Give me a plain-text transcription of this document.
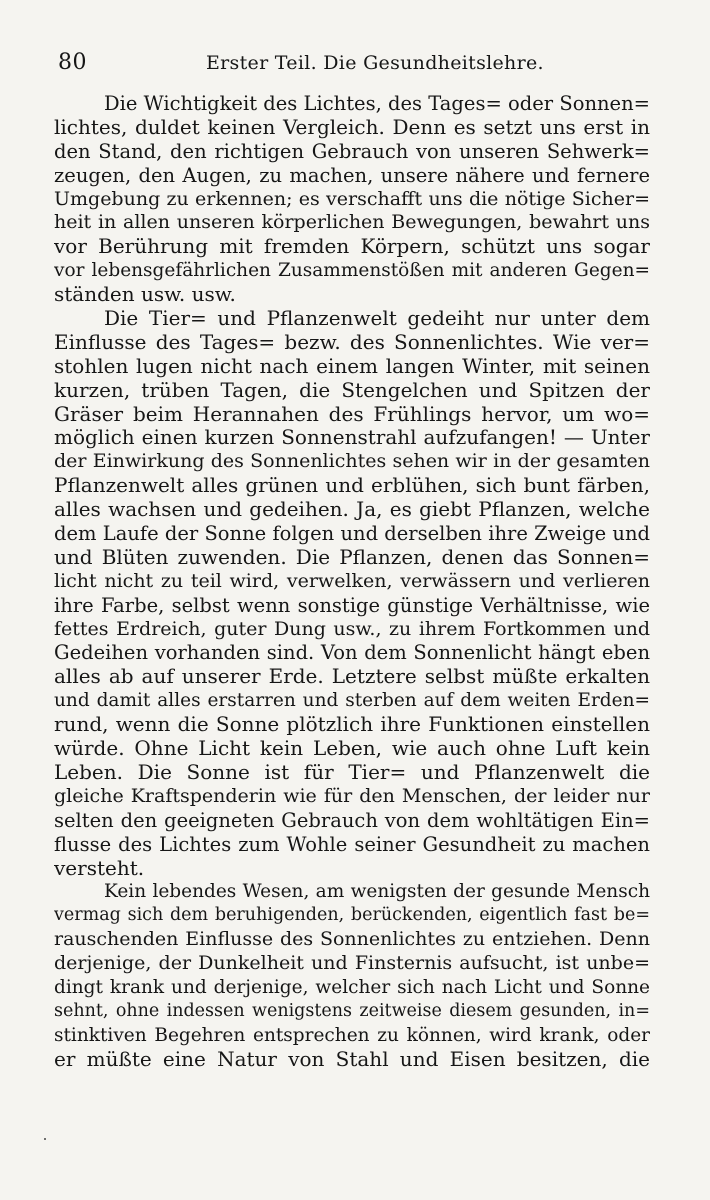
80	Erster Teil. Die Gesundheitslehre.
Die Wichtigkeit des Lichtes, des Tages= oder Sonnen=
lichtes, duldet keinen Vergleich. Denn es setzt uns erst in
den Stand, den richtigen Gebrauch von unseren Sehwerk=
zeugen, den Augen, zu machen, unsere nähere und fernere
Umgebung zu erkennen; es verschafft uns die nötige Sicher=
heit in allen unseren körperlichen Bewegungen, bewahrt uns
vor Berührung mit fremden Körpern, schützt uns sogar
vor lebensgefährlichen Zusammenstößen mit anderen Gegen=
ständen usw. usw.
Die Tier= und Pflanzenwelt gedeiht nur unter dem
Einflusse des Tages= bezw. des Sonnenlichtes. Wie ver=
stohlen lugen nicht nach einem langen Winter, mit seinen
kurzen, trüben Tagen, die Stengelchen und Spitzen der
Gräser beim Herannahen des Frühlings hervor, um wo=
möglich einen kurzen Sonnenstrahl aufzufangen! — Unter
der Einwirkung des Sonnenlichtes sehen wir in der gesamten
Pflanzenwelt alles grünen und erblühen, sich bunt färben,
alles wachsen und gedeihen. Ja, es giebt Pflanzen, welche
dem Laufe der Sonne folgen und derselben ihre Zweige und
und Blüten zuwenden. Die Pflanzen, denen das Sonnen=
licht nicht zu teil wird, verwelken, verwässern und verlieren
ihre Farbe, selbst wenn sonstige günstige Verhältnisse, wie
fettes Erdreich, guter Dung usw., zu ihrem Fortkommen und
Gedeihen vorhanden sind. Von dem Sonnenlicht hängt eben
alles ab auf unserer Erde. Letztere selbst müßte erkalten
und damit alles erstarren und sterben auf dem weiten Erden=
rund, wenn die Sonne plötzlich ihre Funktionen einstellen
würde. Ohne Licht kein Leben, wie auch ohne Luft kein
Leben. Die Sonne ist für Tier= und Pflanzenwelt die
gleiche Kraftspenderin wie für den Menschen, der leider nur
selten den geeigneten Gebrauch von dem wohltätigen Ein=
flusse des Lichtes zum Wohle seiner Gesundheit zu machen
versteht.
Kein lebendes Wesen, am wenigsten der gesunde Mensch
vermag sich dem beruhigenden, berückenden, eigentlich fast be=
rauschenden Einflusse des Sonnenlichtes zu entziehen. Denn
derjenige, der Dunkelheit und Finsternis aufsucht, ist unbe=
dingt krank und derjenige, welcher sich nach Licht und Sonne
sehnt, ohne indessen wenigstens zeitweise diesem gesunden, in=
stinktiven Begehren entsprechen zu können, wird krank, oder
er müßte eine Natur von Stahl und Eisen besitzen, die
